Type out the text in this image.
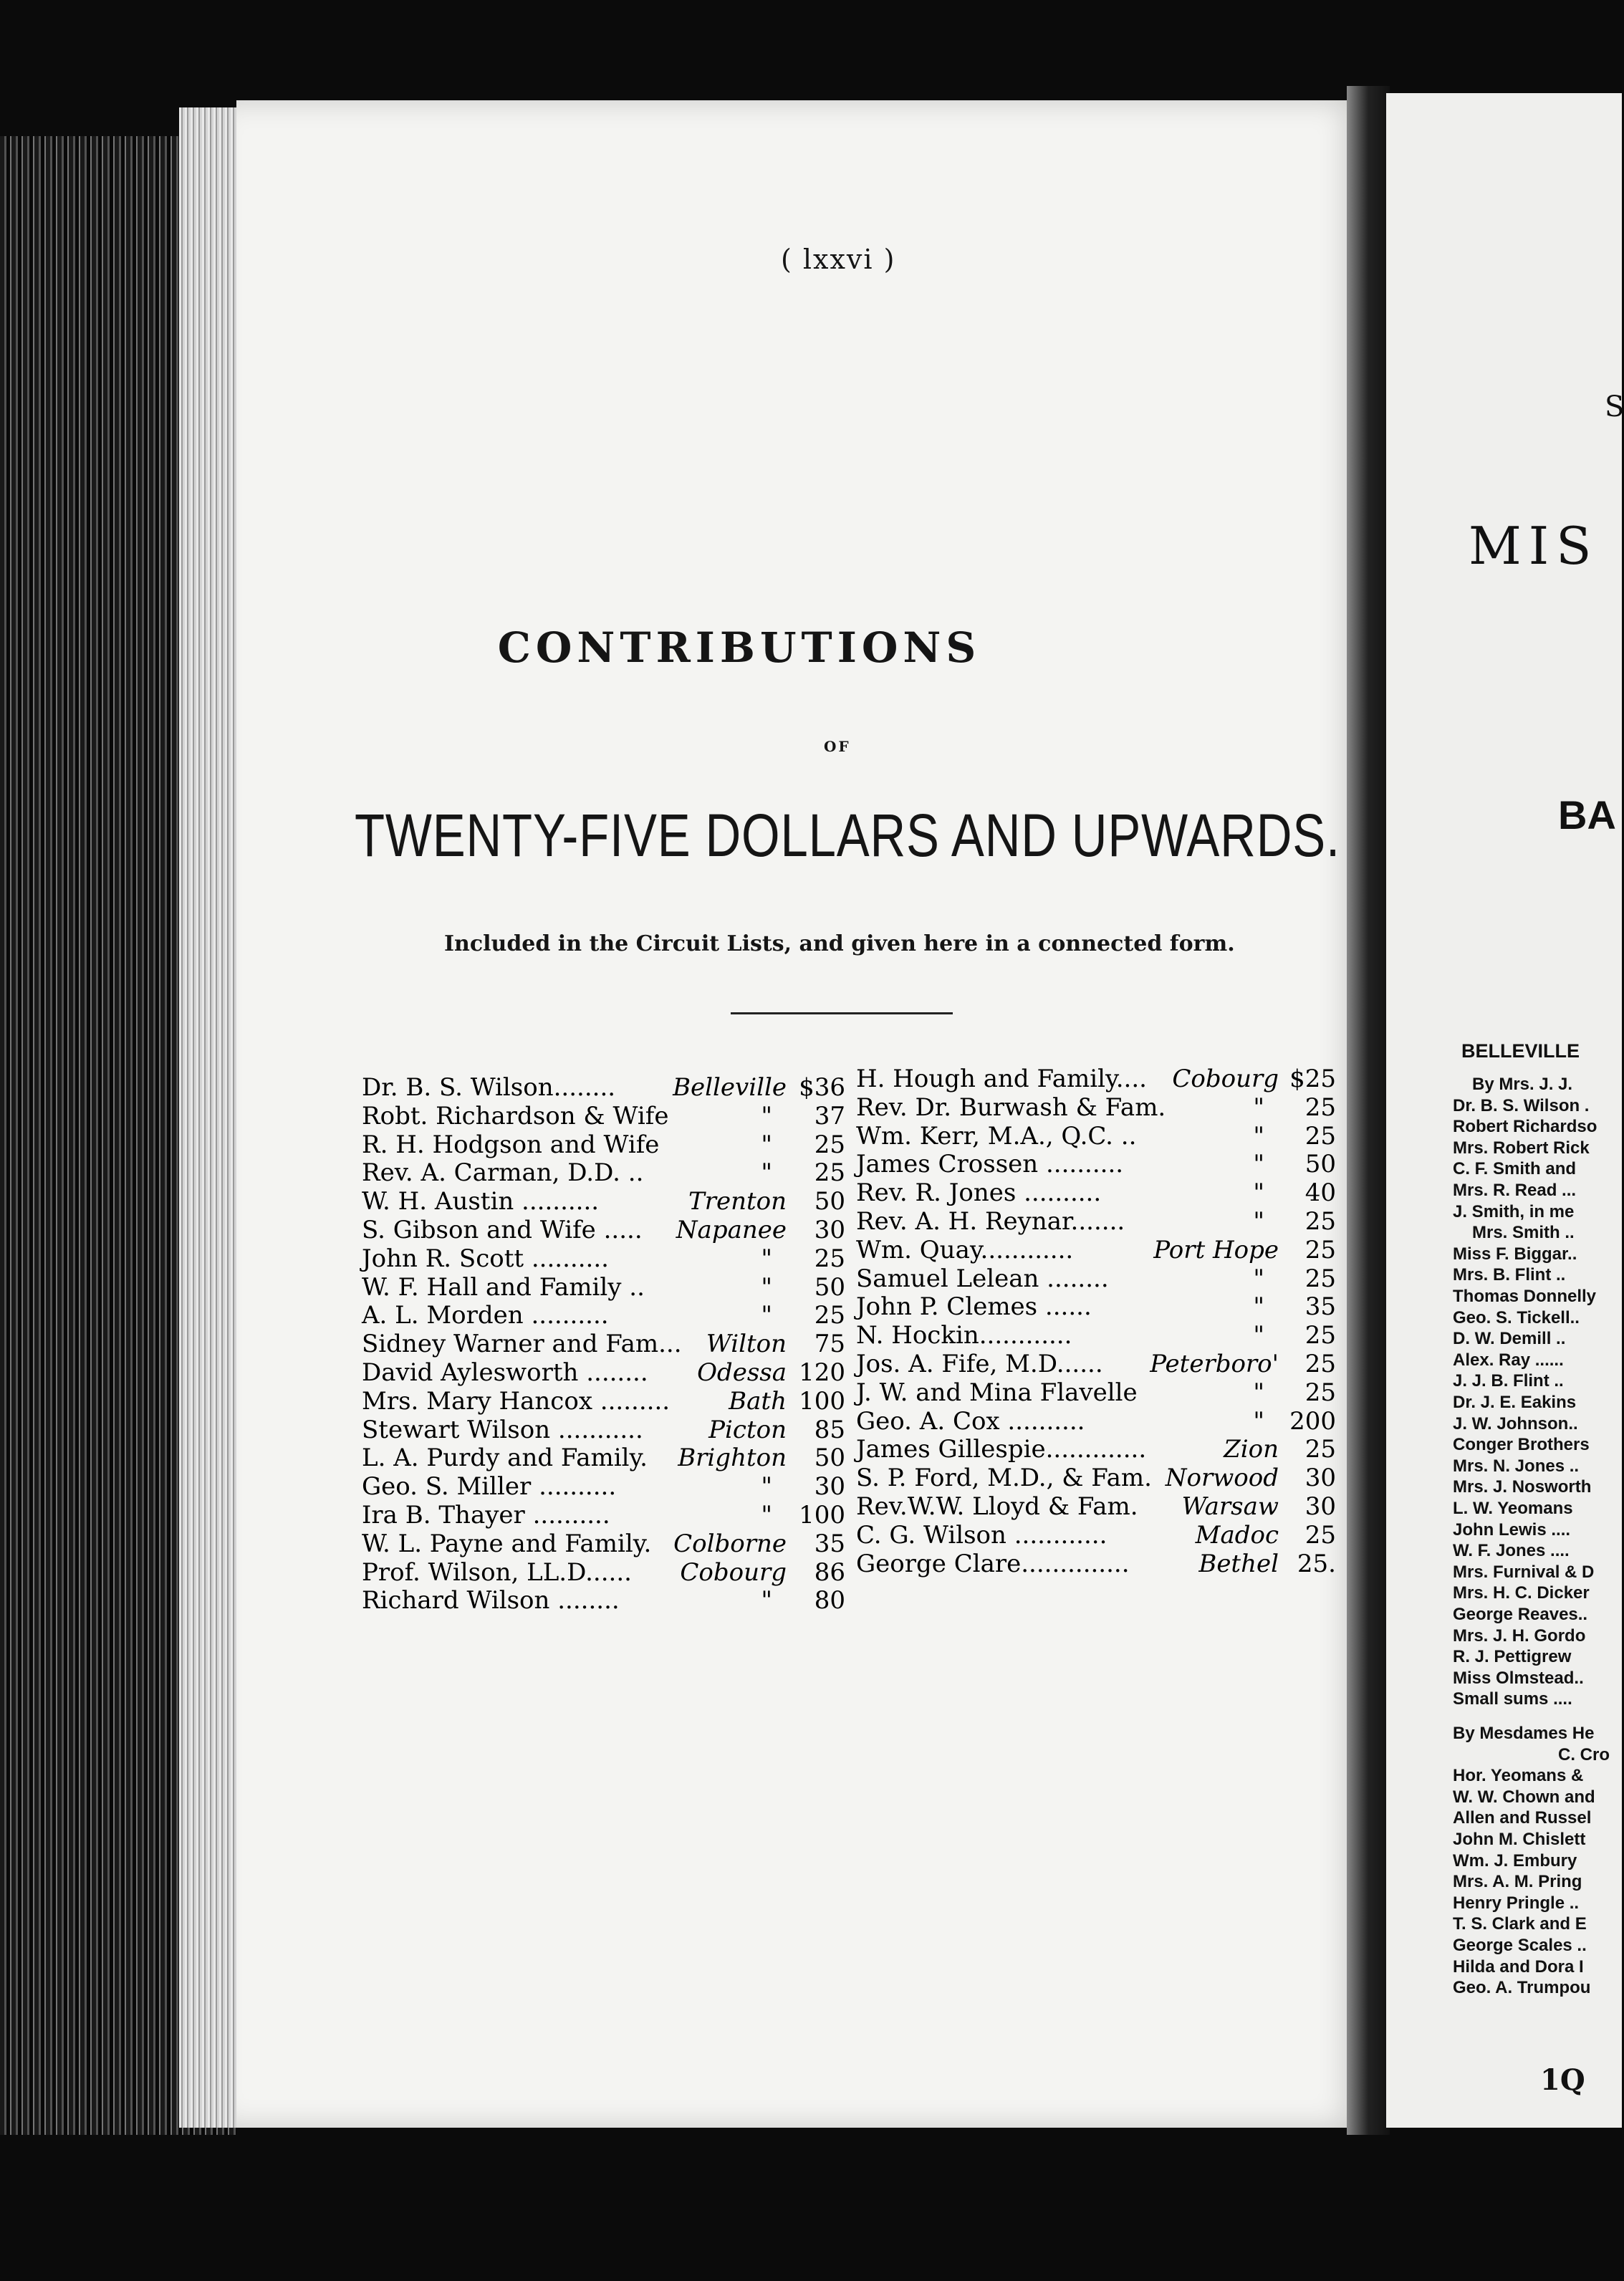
( lxxvi )
CONTRIBUTIONS
OF
TWENTY-FIVE DOLLARS AND UPWARDS.
Included in the Circuit Lists, and given here in a connected form.
Dr. B. S. Wilson........ Belleville $36
Robt. Richardson & Wife	" 37
R. H. Hodgson and Wife	" 25
Rev. A. Carman, D.D. ..	" 25
W. H. Austin ..........	Trenton 50
S. Gibson and Wife ..... Napanee 30
John R. Scott ..........	" 25
W. F. Hall and Family ..	" 50
A. L. Morden ..........	" 25
Sidney Warner and Fam... Wilton 75
David Aylesworth ........ Odessa 120
Mrs. Mary Hancox ......... Bath 100
Stewart Wilson ...........	Picton 85
L. A. Purdy and Family. Brighton 50
Geo. S. Miller ..........	" 30
Ira B. Thayer ..........	" 100
W. L. Payne and Family. Colborne 35
Prof. Wilson, LL.D...... Cobourg 86
Richard Wilson ........	" 80
H. Hough and Family.... Cobourg $25
Rev. Dr. Burwash & Fam.	" 25
Wm. Kerr, M.A., Q.C. ..	" 25
James Crossen ..........	" 50
Rev. R. Jones ..........	" 40
Rev. A. H. Reynar.......	" 25
Wm. Quay............	Port Hope 25
Samuel Lelean ........	" 25
John P. Clemes ......	" 35
N. Hockin............	" 25
Jos. A. Fife, M.D...... Peterboro' 25
J. W. and Mina Flavelle	" 25
Geo. A. Cox ..........	" 200
James Gillespie.............	Zion 25
S. P. Ford, M.D., & Fam. Norwood 30
Rev.W.W. Lloyd & Fam. Warsaw 30
C. G. Wilson ............	Madoc 25
George Clare..............	Bethel 25.
S
MIS
BA
BELLEVILLE
By Mrs. J. J.
Dr. B. S. Wilson .
Robert Richardso
Mrs. Robert Rick
C. F. Smith and
Mrs. R. Read ...
J. Smith, in me
Mrs. Smith ..
Miss F. Biggar..
Mrs. B. Flint ..
Thomas Donnelly
Geo. S. Tickell..
D. W. Demill ..
Alex. Ray ......
J. J. B. Flint ..
Dr. J. E. Eakins
J. W. Johnson..
Conger Brothers
Mrs. N. Jones ..
Mrs. J. Nosworth
L. W. Yeomans
John Lewis ....
W. F. Jones ....
Mrs. Furnival & D
Mrs. H. C. Dicker
George Reaves..
Mrs. J. H. Gordo
R. J. Pettigrew
Miss Olmstead..
Small sums ....
By Mesdames He
C. Cro
Hor. Yeomans &
W. W. Chown and
Allen and Russel
John M. Chislett
Wm. J. Embury
Mrs. A. M. Pring
Henry Pringle ..
T. S. Clark and E
George Scales ..
Hilda and Dora I
Geo. A. Trumpou
1Q
